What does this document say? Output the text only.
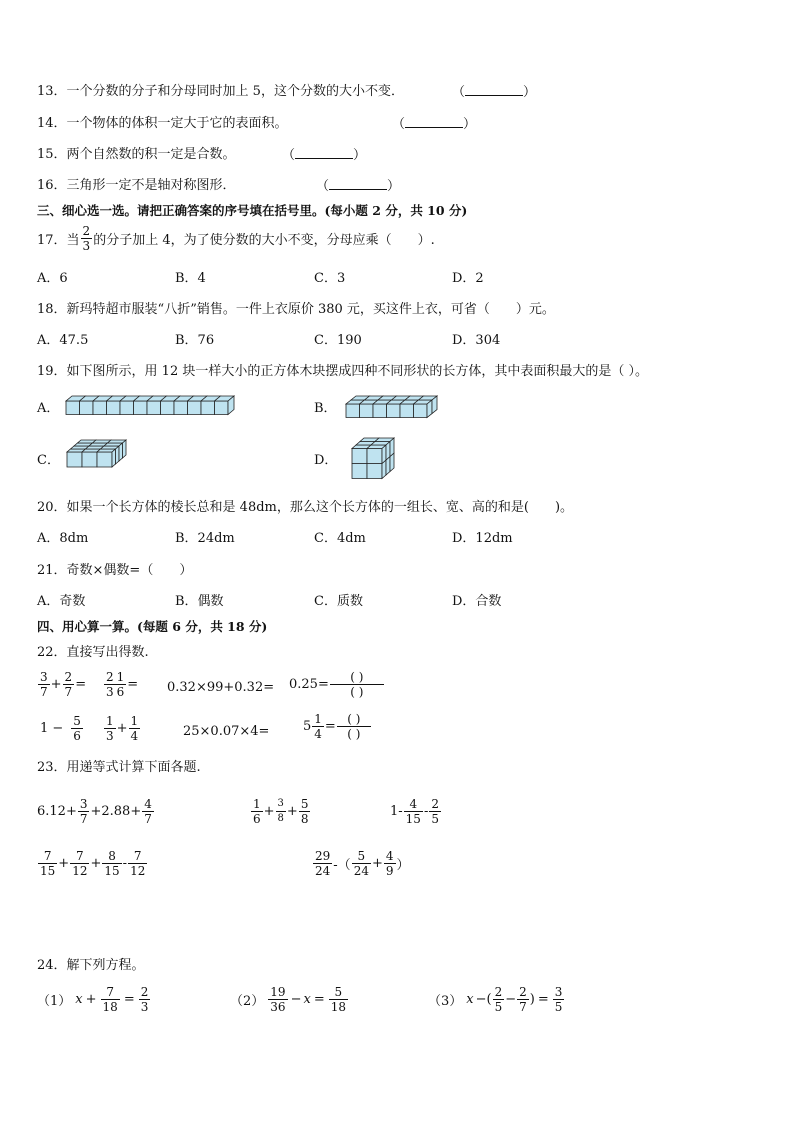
13．一个分数的分子和分母同时加上 5，这个分数的大小不变．	（	）
14．一个物体的体积一定大于它的表面积。	（	）
15．两个自然数的积一定是合数。	（	）
16．三角形一定不是轴对称图形．	（	）
三、细心选一选。请把正确答案的序号填在括号里。(每小题 2 分，共 10 分)
17．当
2
3 的分子加上 4，为了使分数的大小不变，分母应乘（　　）.
A．6	B．4	C．3	D．2
18．新玛特超市服装“八折”销售。一件上衣原价 380 元，买这件上衣，可省（　　）元。
A．47.5	B．76	C．190	D．304
19．如下图所示，用 12 块一样大小的正方体木块摆成四种不同形状的长方体，其中表面积最大的是（ ）。
A．	B．
C．	D．
20．如果一个长方体的棱长总和是 48dm，那么这个长方体的一组长、宽、高的和是(　　)。
A．8dm	B．24dm	C．4dm	D．12dm
21．奇数×偶数=（　　）
A．奇数	B．偶数	C．质数	D．合数
四、用心算一算。(每题 6 分，共 18 分)
22．直接写出得数.
3
$7 + \frac{2}{7} = 2$
$3 \frac{1}{6} = 0.32\times 99+0.32= 0.25=$ ( )
( )
$1 - \frac{5}{6} 1$
$3 + \frac{1}{4}$	25×0.07×4=	$5 \frac{1}{4}$ = ( )
( )
23．用递等式计算下面各题.
$6.12+ \frac{3}{7} +2.88+ \frac{4}{7}$	1
$6 + \frac{3}{8} + \frac{5}{8}$	1- 4
15 - 2
5
7
$15 + \frac{7}{12} + \frac{8}{15} - 7$
12
29
24 -（
5
$24 + \frac{4}{9}$ ）
24．解下列方程。
（1） $x + \frac{7}{18} = \frac{2}{3}$	（2）
19
$36 - x = \frac{5}{18}$	（3） x −( 2
$5 - \frac{2}{7}$ ) = $\frac{3}{5}$
